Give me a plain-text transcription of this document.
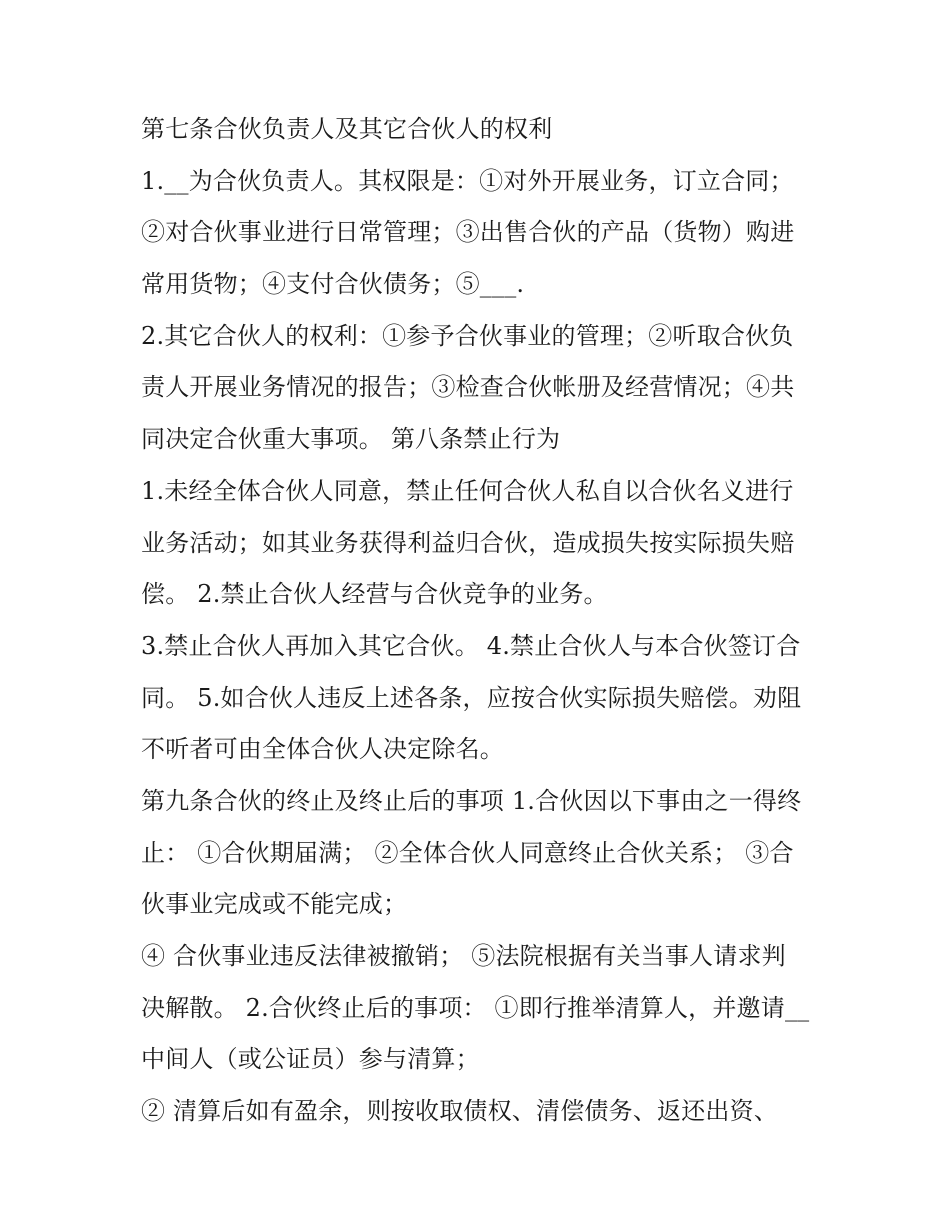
第七条合伙负责人及其它合伙人的权利
1.__为合伙负责人。其权限是：①对外开展业务，订立合同；
②对合伙事业进行日常管理；③出售合伙的产品（货物）购进
常用货物；④支付合伙债务；⑤___.
2.其它合伙人的权利：①参予合伙事业的管理；②听取合伙负
责人开展业务情况的报告；③检查合伙帐册及经营情况；④共
同决定合伙重大事项。 第八条禁止行为
1.未经全体合伙人同意，禁止任何合伙人私自以合伙名义进行
业务活动；如其业务获得利益归合伙，造成损失按实际损失赔
偿。 2.禁止合伙人经营与合伙竞争的业务。
3.禁止合伙人再加入其它合伙。 4.禁止合伙人与本合伙签订合
同。 5.如合伙人违反上述各条，应按合伙实际损失赔偿。劝阻
不听者可由全体合伙人决定除名。
第九条合伙的终止及终止后的事项 1.合伙因以下事由之一得终
止： ①合伙期届满； ②全体合伙人同意终止合伙关系； ③合
伙事业完成或不能完成；
④ 合伙事业违反法律被撤销； ⑤法院根据有关当事人请求判
决解散。 2.合伙终止后的事项： ①即行推举清算人，并邀请__
中间人（或公证员）参与清算；
② 清算后如有盈余，则按收取债权、清偿债务、返还出资、
